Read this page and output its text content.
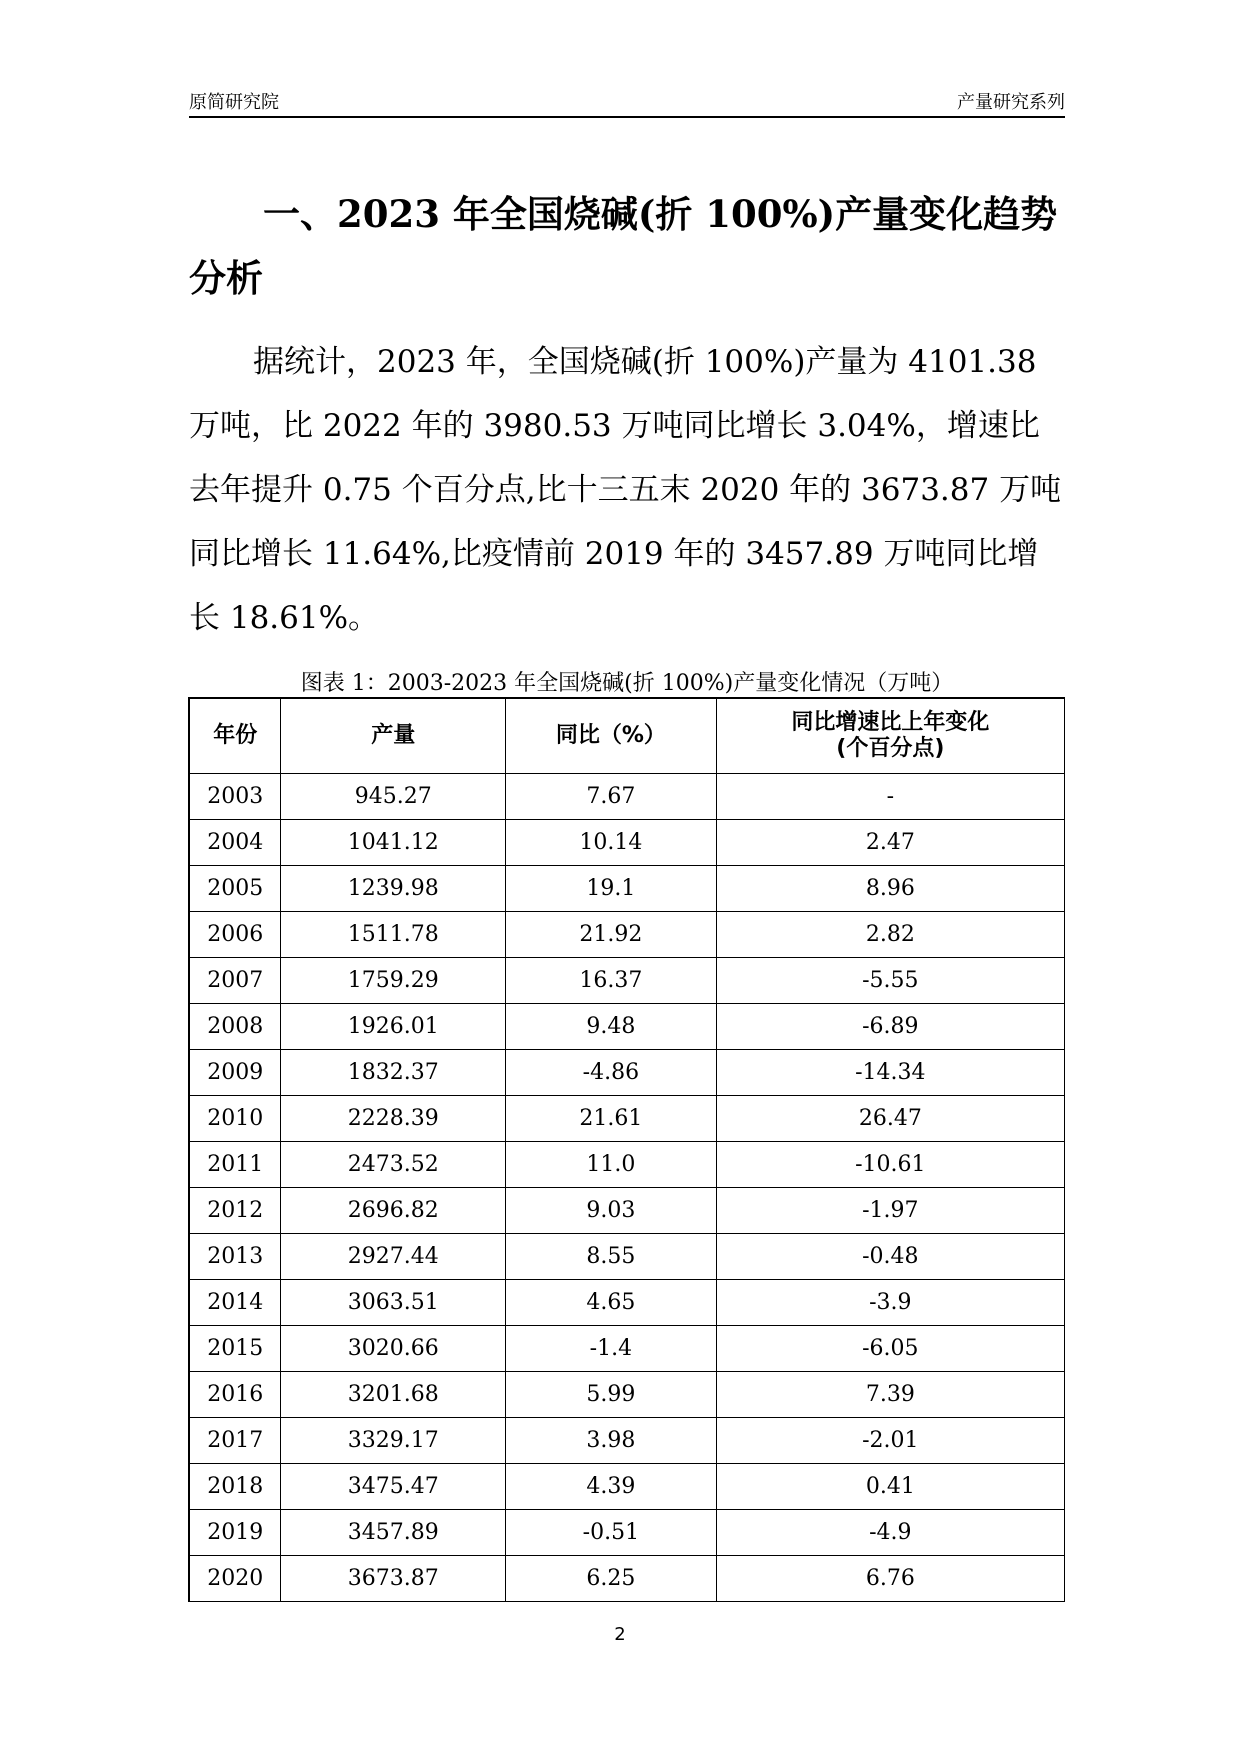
原简研究院	产量研究系列
一、2023 年全国烧碱(折 100%)产量变化趋势分析
据统计，2023 年，全国烧碱(折 100%)产量为 4101.38 万吨，比 2022 年的 3980.53 万吨同比增长 3.04%，增速比去年提升 0.75 个百分点,比十三五末 2020 年的 3673.87 万吨同比增长 11.64%,比疫情前 2019 年的 3457.89 万吨同比增长 18.61%。
图表 1：2003-2023 年全国烧碱(折 100%)产量变化情况（万吨）
年份	产量	同比（%）	同比增速比上年变化
(个百分点)

2003	945.27	7.67	-
2004	1041.12	10.14	2.47
2005	1239.98	19.1	8.96
2006	1511.78	21.92	2.82
2007	1759.29	16.37	-5.55
2008	1926.01	9.48	-6.89
2009	1832.37	-4.86	-14.34
2010	2228.39	21.61	26.47
2011	2473.52	11.0	-10.61
2012	2696.82	9.03	-1.97
2013	2927.44	8.55	-0.48
2014	3063.51	4.65	-3.9
2015	3020.66	-1.4	-6.05
2016	3201.68	5.99	7.39
2017	3329.17	3.98	-2.01
2018	3475.47	4.39	0.41
2019	3457.89	-0.51	-4.9
2020	3673.87	6.25	6.76
2
